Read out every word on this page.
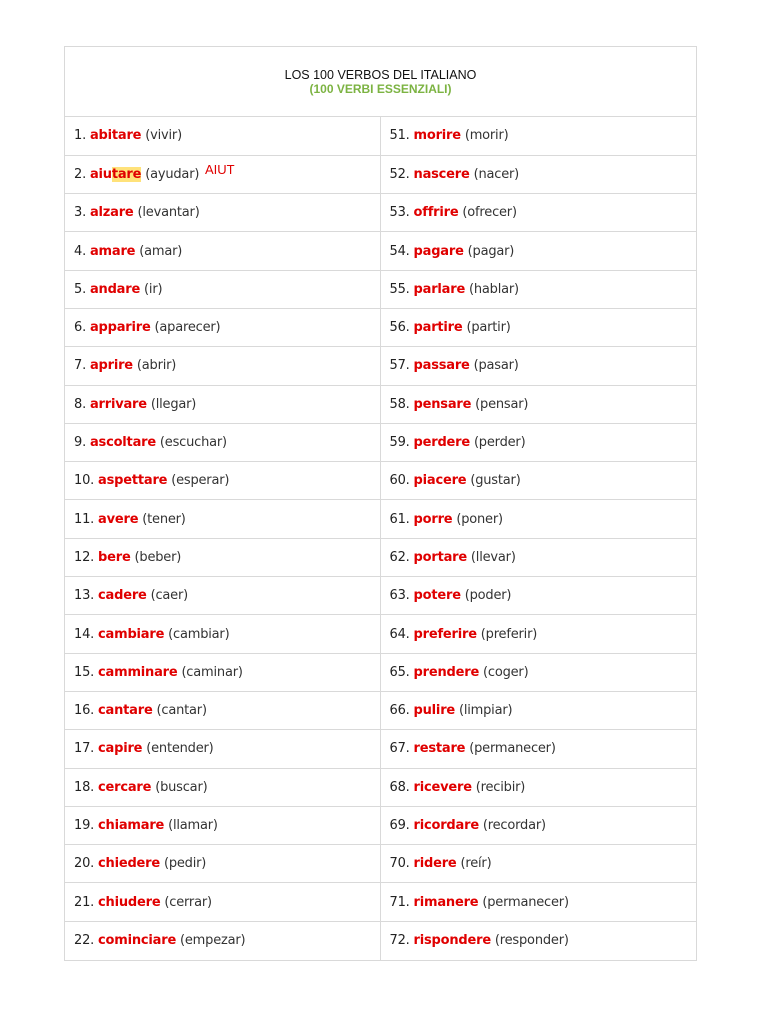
LOS 100 VERBOS DEL ITALIANO
(100 VERBI ESSENZIALI)
1. abitare (vivir)	51. morire (morir)
2. aiutare (ayudar)	52. nascere (nacer)
3. alzare (levantar)	53. offrire (ofrecer)
4. amare (amar)	54. pagare (pagar)
5. andare (ir)	55. parlare (hablar)
6. apparire (aparecer)	56. partire (partir)
7. aprire (abrir)	57. passare (pasar)
8. arrivare (llegar)	58. pensare (pensar)
9. ascoltare (escuchar)	59. perdere (perder)
10. aspettare (esperar)	60. piacere (gustar)
11. avere (tener)	61. porre (poner)
12. bere (beber)	62. portare (llevar)
13. cadere (caer)	63. potere (poder)
14. cambiare (cambiar)	64. preferire (preferir)
15. camminare (caminar)	65. prendere (coger)
16. cantare (cantar)	66. pulire (limpiar)
17. capire (entender)	67. restare (permanecer)
18. cercare (buscar)	68. ricevere (recibir)
19. chiamare (llamar)	69. ricordare (recordar)
20. chiedere (pedir)	70. ridere (reír)
21. chiudere (cerrar)	71. rimanere (permanecer)
22. cominciare (empezar)	72. rispondere (responder)
AIUT
